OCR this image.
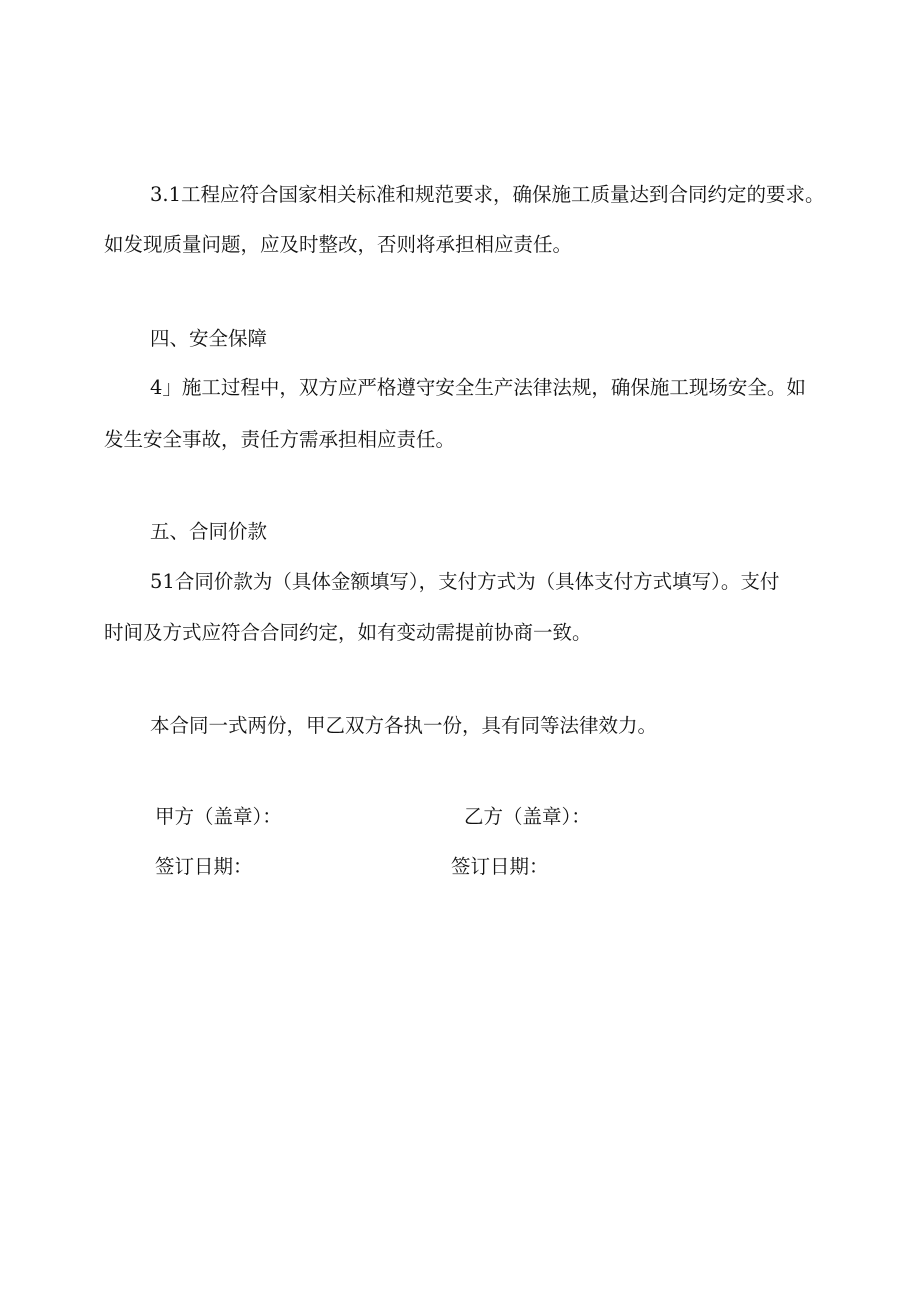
3.1工程应符合国家相关标准和规范要求，确保施工质量达到合同约定的要求。
如发现质量问题，应及时整改，否则将承担相应责任。
四、安全保障
4」施工过程中，双方应严格遵守安全生产法律法规，确保施工现场安全。如
发生安全事故，责任方需承担相应责任。
五、合同价款
51合同价款为（具体金额填写），支付方式为（具体支付方式填写）。支付
时间及方式应符合合同约定，如有变动需提前协商一致。
本合同一式两份，甲乙双方各执一份，具有同等法律效力。
甲方（盖章）：	乙方（盖章）：
签订日期：	签订日期：
